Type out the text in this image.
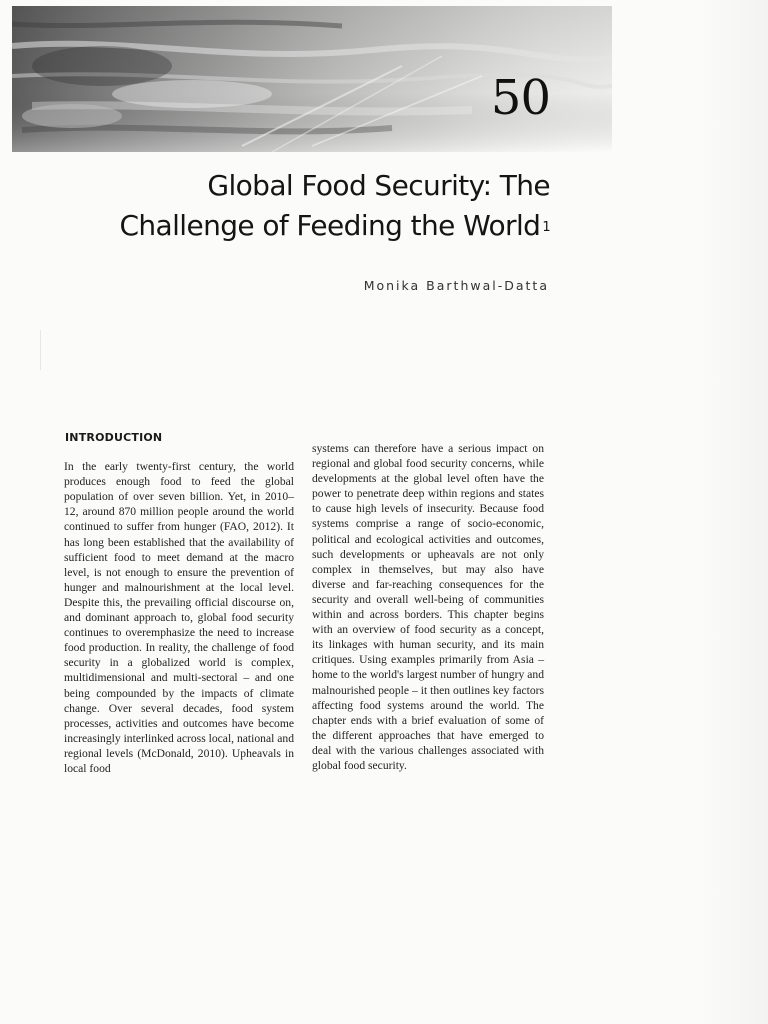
50
Global Food Security: The
Challenge of Feeding the World $^1$
Monika Barthwal-Datta
INTRODUCTION

In the early twenty-first century, the world produces enough food to feed the global population of over seven billion. Yet, in 2010–12, around 870 million people around the world continued to suffer from hunger (FAO, 2012). It has long been established that the availability of sufficient food to meet demand at the macro level, is not enough to ensure the prevention of hunger and malnourishment at the local level. Despite this, the prevailing official discourse on, and dominant approach to, global food security continues to overemphasize the need to increase food production. In reality, the challenge of food security in a globalized world is complex, multidimensional and multi-sectoral – and one being compounded by the impacts of climate change. Over several decades, food system processes, activities and outcomes have become increasingly interlinked across local, national and regional levels (McDonald, 2010). Upheavals in local food

systems can therefore have a serious impact on regional and global food security concerns, while developments at the global level often have the power to penetrate deep within regions and states to cause high levels of insecurity. Because food systems comprise a range of socio-economic, political and ecological activities and outcomes, such developments or upheavals are not only complex in themselves, but may also have diverse and far-reaching consequences for the security and overall well-being of communities within and across borders. This chapter begins with an overview of food security as a concept, its linkages with human security, and its main critiques. Using examples primarily from Asia – home to the world's largest number of hungry and malnourished people – it then outlines key factors affecting food systems around the world. The chapter ends with a brief evaluation of some of the different approaches that have emerged to deal with the various challenges associated with global food security.
